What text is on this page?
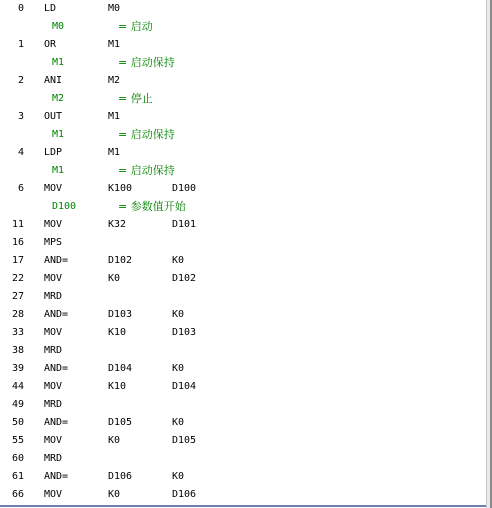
0 LD	M0
M0	= 启动
1 OR	M1
M1	= 启动保持
2 ANI	M2
M2	= 停止
3 OUT	M1
M1	= 启动保持
4 LDP	M1
M1	= 启动保持
6 MOV	K100	D100
D100	= 参数值开始
11 MOV	K32	D101
16 MPS
17 AND=	D102	K0
22 MOV	K0	D102
27 MRD
28 AND=	D103	K0
33 MOV	K10	D103
38 MRD
39 AND=	D104	K0
44 MOV	K10	D104
49 MRD
50 AND=	D105	K0
55 MOV	K0	D105
60 MRD
61 AND=	D106	K0
66 MOV	K0	D106
